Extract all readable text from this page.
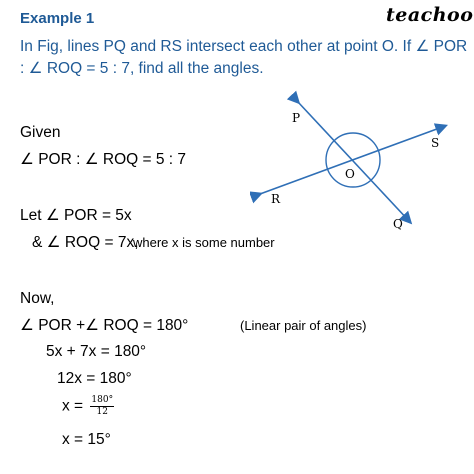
Example 1	teachoo
In Fig, lines PQ and RS intersect each other at point O. If ∠ POR
: ∠ ROQ = 5 : 7, find all the angles.
P
S
O
R
Q
Given
∠ POR : ∠ ROQ = 5 : 7
Let ∠ POR = 5x
& ∠ ROQ = 7x,
where x is some number
Now,
∠ POR +∠ ROQ = 180°	(Linear pair of angles)
5x + 7x = 180°
12x = 180°
$x = \frac{180^\circ}{12}$
x = 15°
